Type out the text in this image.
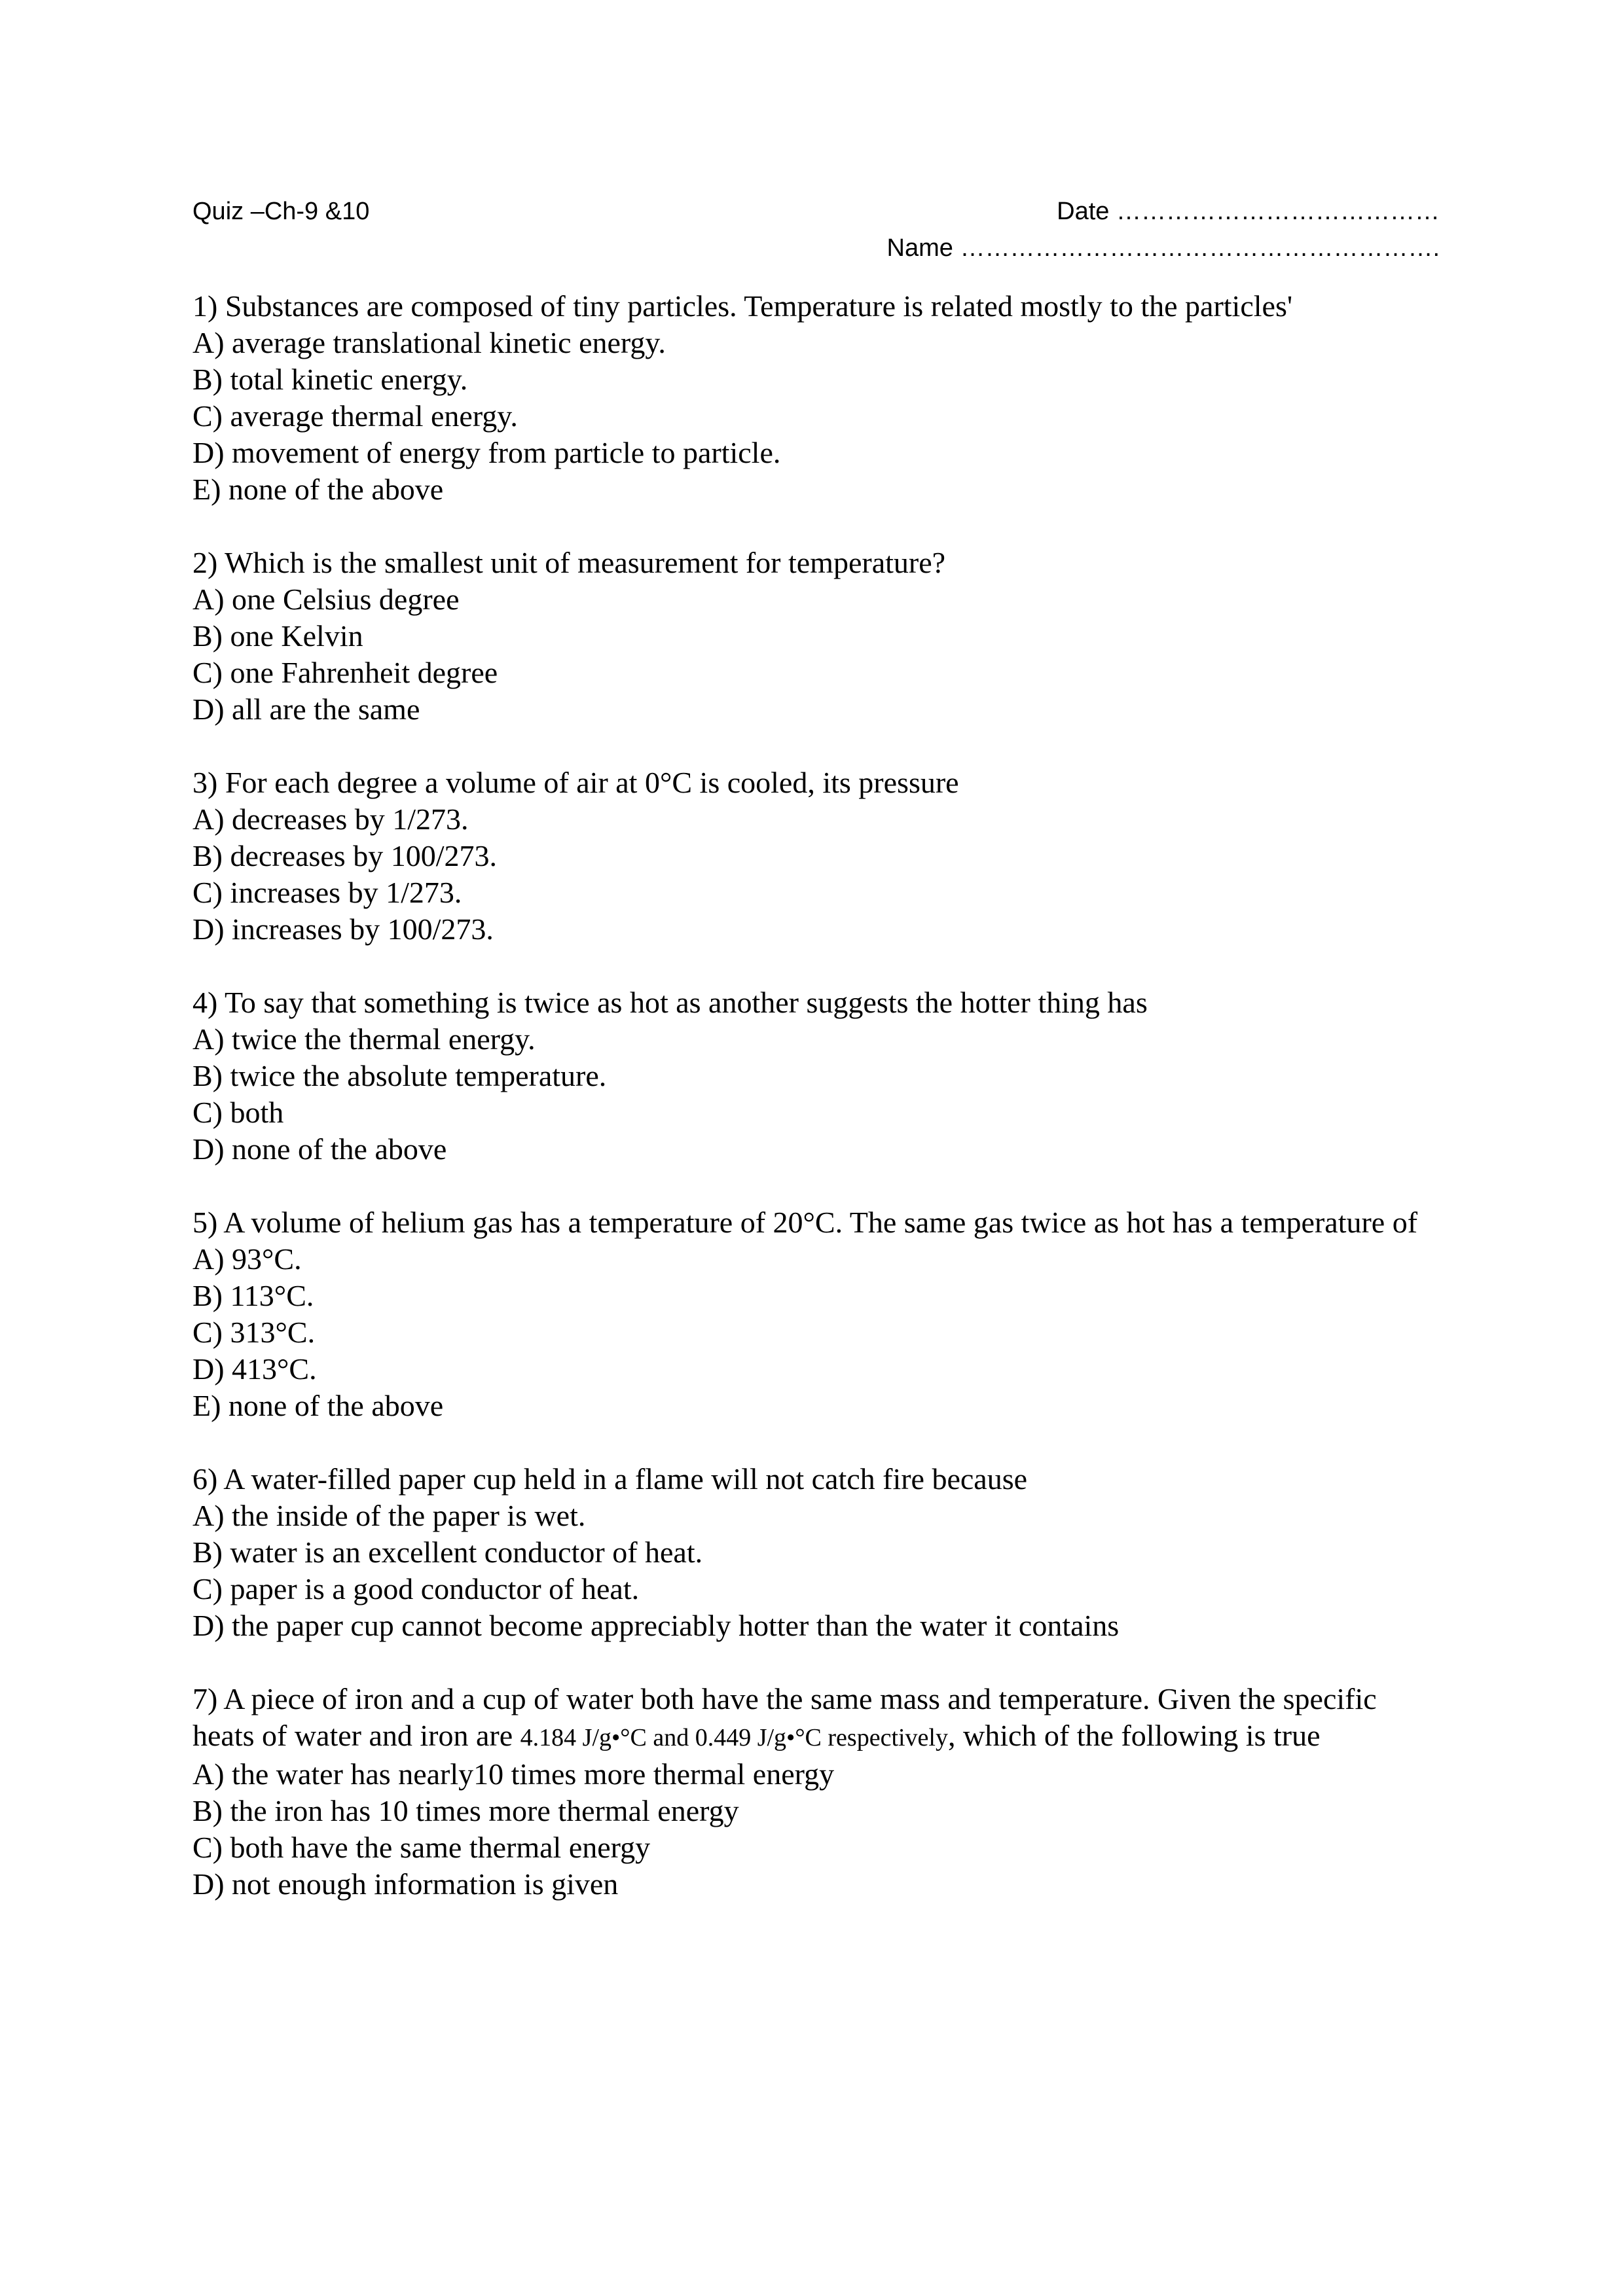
Quiz –Ch-9 &10	Date …………………………………
Name ………………………………………………….
1) Substances are composed of tiny particles. Temperature is related mostly to the particles'
A) average translational kinetic energy.
B) total kinetic energy.
C) average thermal energy.
D) movement of energy from particle to particle.
E) none of the above
2) Which is the smallest unit of measurement for temperature?
A) one Celsius degree
B) one Kelvin
C) one Fahrenheit degree
D) all are the same
3) For each degree a volume of air at 0°C is cooled, its pressure
A) decreases by 1/273.
B) decreases by 100/273.
C) increases by 1/273.
D) increases by 100/273.
4) To say that something is twice as hot as another suggests the hotter thing has
A) twice the thermal energy.
B) twice the absolute temperature.
C) both
D) none of the above
5) A volume of helium gas has a temperature of 20°C. The same gas twice as hot has a temperature of
A) 93°C.
B) 113°C.
C) 313°C.
D) 413°C.
E) none of the above
6) A water-filled paper cup held in a flame will not catch fire because
A) the inside of the paper is wet.
B) water is an excellent conductor of heat.
C) paper is a good conductor of heat.
D) the paper cup cannot become appreciably hotter than the water it contains
7) A piece of iron and a cup of water both have the same mass and temperature. Given the specific heats of water and iron are 4.184 J/g•°C and 0.449 J/g•°C respectively, which of the following is true
A) the water has nearly10 times more thermal energy
B) the iron has 10 times more thermal energy
C) both have the same thermal energy
D) not enough information is given
